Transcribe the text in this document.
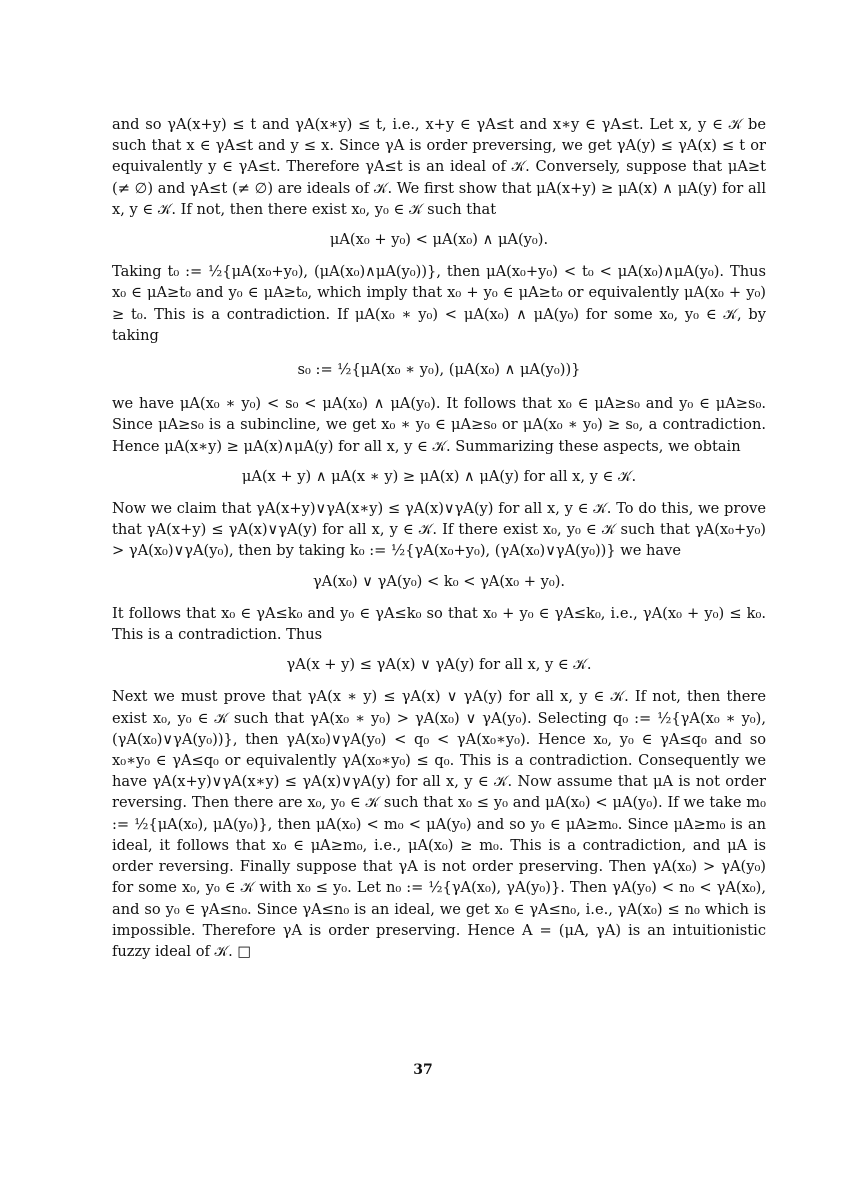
and so γA(x+y) ≤ t and γA(x∗y) ≤ t, i.e., x+y ∈ γA≤t and x∗y ∈ γA≤t. Let x, y ∈ 𝒦 be such that x ∈ γA≤t and y ≤ x. Since γA is order preversing, we get γA(y) ≤ γA(x) ≤ t or equivalently y ∈ γA≤t. Therefore γA≤t is an ideal of 𝒦. Conversely, suppose that μA≥t (≠ ∅) and γA≤t (≠ ∅) are ideals of 𝒦. We first show that μA(x+y) ≥ μA(x) ∧ μA(y) for all x, y ∈ 𝒦. If not, then there exist x₀, y₀ ∈ 𝒦 such that

μA(x₀ + y₀) < μA(x₀) ∧ μA(y₀).

Taking t₀ := ½{μA(x₀+y₀), (μA(x₀)∧μA(y₀))}, then μA(x₀+y₀) < t₀ < μA(x₀)∧μA(y₀). Thus x₀ ∈ μA≥t₀ and y₀ ∈ μA≥t₀, which imply that x₀ + y₀ ∈ μA≥t₀ or equivalently μA(x₀ + y₀) ≥ t₀. This is a contradiction. If μA(x₀ ∗ y₀) < μA(x₀) ∧ μA(y₀) for some x₀, y₀ ∈ 𝒦, by taking

s₀ := ½{μA(x₀ ∗ y₀), (μA(x₀) ∧ μA(y₀))}

we have μA(x₀ ∗ y₀) < s₀ < μA(x₀) ∧ μA(y₀). It follows that x₀ ∈ μA≥s₀ and y₀ ∈ μA≥s₀. Since μA≥s₀ is a subincline, we get x₀ ∗ y₀ ∈ μA≥s₀ or μA(x₀ ∗ y₀) ≥ s₀, a contradiction. Hence μA(x∗y) ≥ μA(x)∧μA(y) for all x, y ∈ 𝒦. Summarizing these aspects, we obtain

μA(x + y) ∧ μA(x ∗ y) ≥ μA(x) ∧ μA(y) for all x, y ∈ 𝒦.

Now we claim that γA(x+y)∨γA(x∗y) ≤ γA(x)∨γA(y) for all x, y ∈ 𝒦. To do this, we prove that γA(x+y) ≤ γA(x)∨γA(y) for all x, y ∈ 𝒦. If there exist x₀, y₀ ∈ 𝒦 such that γA(x₀+y₀) > γA(x₀)∨γA(y₀), then by taking k₀ := ½{γA(x₀+y₀), (γA(x₀)∨γA(y₀))} we have

γA(x₀) ∨ γA(y₀) < k₀ < γA(x₀ + y₀).

It follows that x₀ ∈ γA≤k₀ and y₀ ∈ γA≤k₀ so that x₀ + y₀ ∈ γA≤k₀, i.e., γA(x₀ + y₀) ≤ k₀. This is a contradiction. Thus

γA(x + y) ≤ γA(x) ∨ γA(y) for all x, y ∈ 𝒦.

Next we must prove that γA(x ∗ y) ≤ γA(x) ∨ γA(y) for all x, y ∈ 𝒦. If not, then there exist x₀, y₀ ∈ 𝒦 such that γA(x₀ ∗ y₀) > γA(x₀) ∨ γA(y₀). Selecting q₀ := ½{γA(x₀ ∗ y₀), (γA(x₀)∨γA(y₀))}, then γA(x₀)∨γA(y₀) < q₀ < γA(x₀∗y₀). Hence x₀, y₀ ∈ γA≤q₀ and so x₀∗y₀ ∈ γA≤q₀ or equivalently γA(x₀∗y₀) ≤ q₀. This is a contradiction. Consequently we have γA(x+y)∨γA(x∗y) ≤ γA(x)∨γA(y) for all x, y ∈ 𝒦. Now assume that μA is not order reversing. Then there are x₀, y₀ ∈ 𝒦 such that x₀ ≤ y₀ and μA(x₀) < μA(y₀). If we take m₀ := ½{μA(x₀), μA(y₀)}, then μA(x₀) < m₀ < μA(y₀) and so y₀ ∈ μA≥m₀. Since μA≥m₀ is an ideal, it follows that x₀ ∈ μA≥m₀, i.e., μA(x₀) ≥ m₀. This is a contradiction, and μA is order reversing. Finally suppose that γA is not order preserving. Then γA(x₀) > γA(y₀) for some x₀, y₀ ∈ 𝒦 with x₀ ≤ y₀. Let n₀ := ½{γA(x₀), γA(y₀)}. Then γA(y₀) < n₀ < γA(x₀), and so y₀ ∈ γA≤n₀. Since γA≤n₀ is an ideal, we get x₀ ∈ γA≤n₀, i.e., γA(x₀) ≤ n₀ which is impossible. Therefore γA is order preserving. Hence A = (μA, γA) is an intuitionistic fuzzy ideal of 𝒦. □

37
